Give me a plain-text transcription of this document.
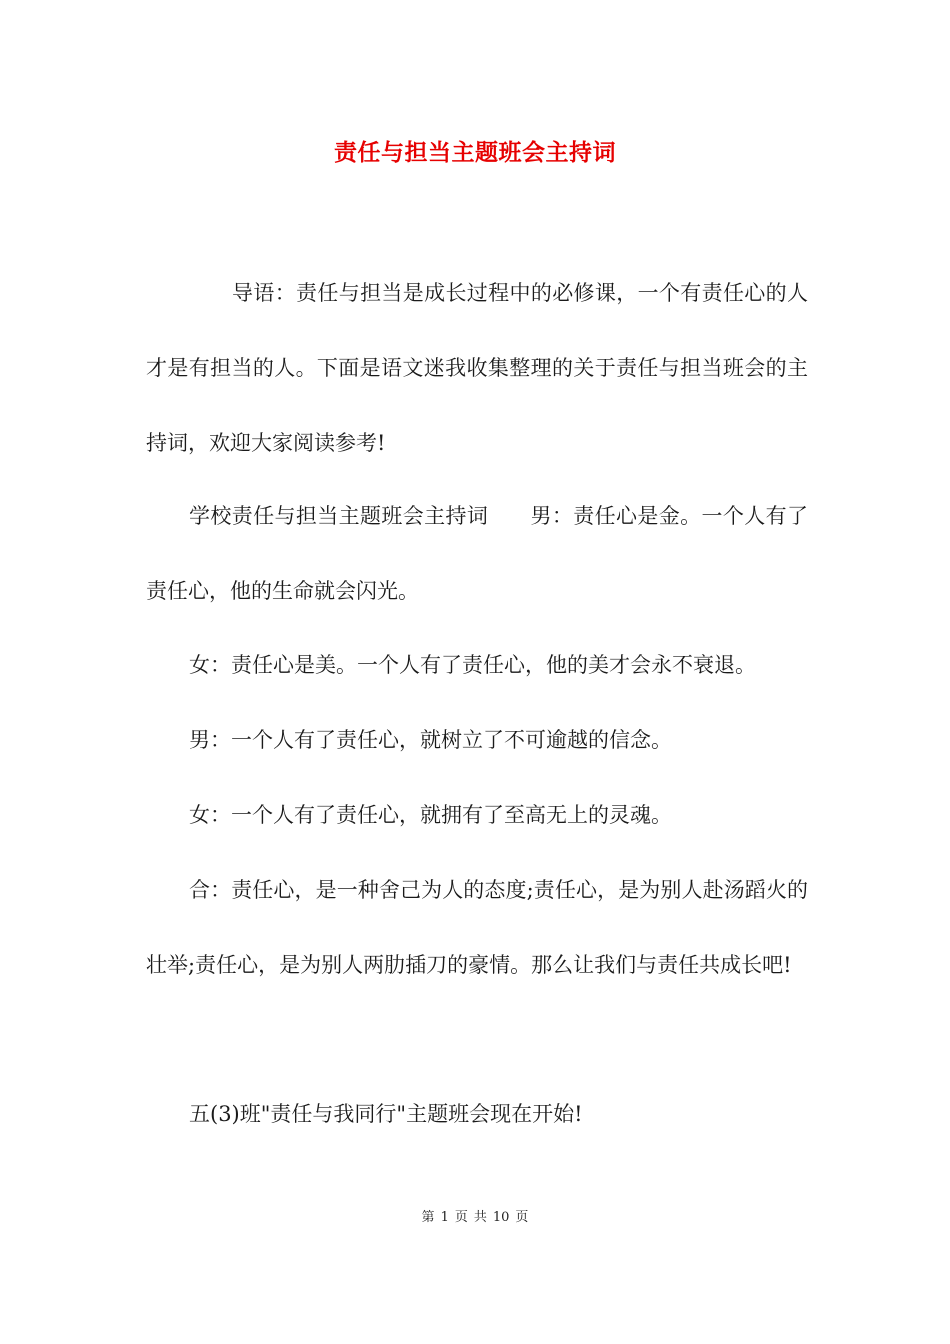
责任与担当主题班会主持词

导语：责任与担当是成长过程中的必修课，一个有责任心的人才是有担当的人。下面是语文迷我收集整理的关于责任与担当班会的主持词，欢迎大家阅读参考!

学校责任与担当主题班会主持词 男：责任心是金。一个人有了责任心，他的生命就会闪光。

女：责任心是美。一个人有了责任心，他的美才会永不衰退。

男：一个人有了责任心，就树立了不可逾越的信念。

女：一个人有了责任心，就拥有了至高无上的灵魂。

合：责任心，是一种舍己为人的态度;责任心，是为别人赴汤蹈火的壮举;责任心，是为别人两肋插刀的豪情。那么让我们与责任共成长吧!

五(3)班"责任与我同行"主题班会现在开始!

第 1 页 共 10 页
